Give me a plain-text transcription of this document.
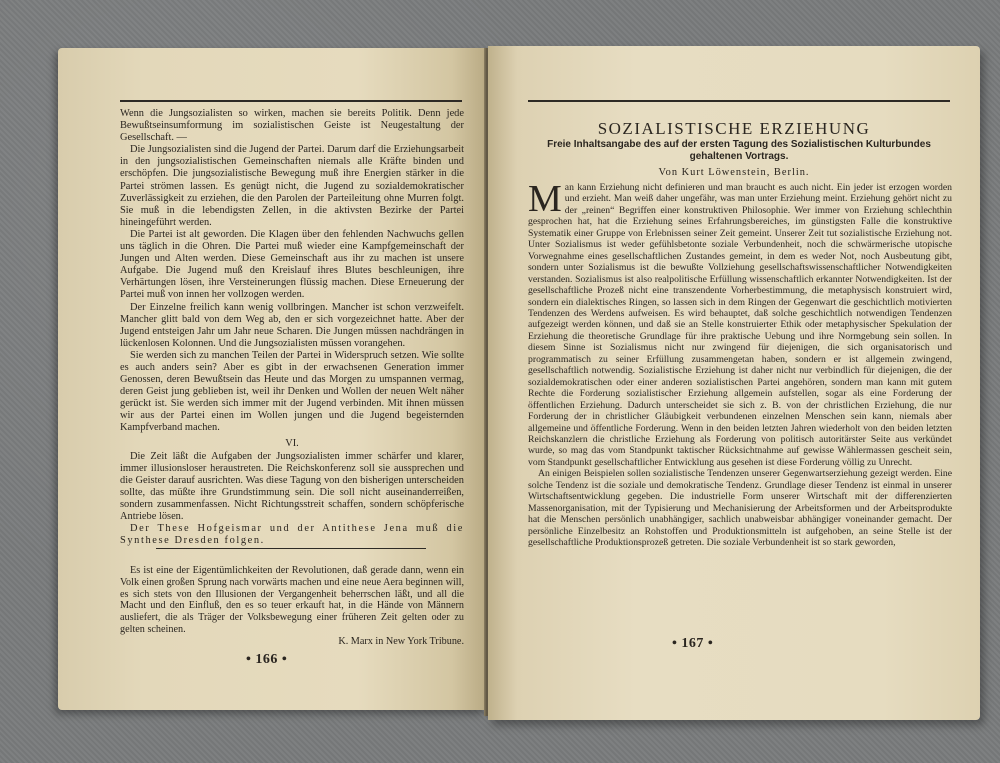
Wenn die Jungsozialisten so wirken, machen sie bereits Politik. Denn jede Bewußtseinsumformung im sozialistischen Geiste ist Neugestaltung der Gesellschaft. —

Die Jungsozialisten sind die Jugend der Partei. Darum darf die Erziehungsarbeit in den jungsozialistischen Gemeinschaften niemals alle Kräfte binden und erschöpfen. Die jungsozialistische Bewegung muß ihre Energien stärker in die Partei strömen lassen. Es genügt nicht, die Jugend zu sozialdemokratischer Zuverlässigkeit zu erziehen, die den Parolen der Parteileitung ohne Murren folgt. Sie muß in die lebendigsten Zellen, in die aktivsten Bezirke der Partei hineingeführt werden.

Die Partei ist alt geworden. Die Klagen über den fehlenden Nachwuchs gellen uns täglich in die Ohren. Die Partei muß wieder eine Kampfgemeinschaft der Jungen und Alten werden. Diese Gemeinschaft aus ihr zu machen ist unsere Aufgabe. Die Jugend muß den Kreislauf ihres Blutes beschleunigen, ihre Verhärtungen lösen, ihre Versteinerungen flüssig machen. Diese Erneuerung der Partei muß von innen her vollzogen werden.

Der Einzelne freilich kann wenig vollbringen. Mancher ist schon verzweifelt. Mancher glitt bald von dem Weg ab, den er sich vorgezeichnet hatte. Aber der Jugend entsteigen Jahr um Jahr neue Scharen. Die Jungen müssen nachdrängen in lückenlosen Kolonnen. Und die Jungsozialisten müssen vorangehen.

Sie werden sich zu manchen Teilen der Partei in Widerspruch setzen. Wie sollte es auch anders sein? Aber es gibt in der erwachsenen Generation immer Genossen, deren Bewußtsein das Heute und das Morgen zu umspannen vermag, deren Geist jung geblieben ist, weil ihr Denken und Wollen der neuen Welt näher gerückt ist. Sie werden sich immer mit der Jugend verbinden. Mit ihnen müssen wir aus der Partei einen im Wollen jungen und die Jugend begeisternden Kampfverband machen.

VI.

Die Zeit läßt die Aufgaben der Jungsozialisten immer schärfer und klarer, immer illusionsloser heraustreten. Die Reichskonferenz soll sie aussprechen und die Geister darauf ausrichten. Was diese Tagung von den bisherigen unterscheiden sollte, das müßte ihre Grundstimmung sein. Die soll nicht auseinanderreißen, sondern zusammenfassen. Nicht Richtungsstreit schaffen, sondern schöpferische Antriebe lösen.

Der These Hofgeismar und der Antithese Jena muß die Synthese Dresden folgen.

Es ist eine der Eigentümlichkeiten der Revolutionen, daß gerade dann, wenn ein Volk einen großen Sprung nach vorwärts machen und eine neue Aera beginnen will, es sich stets von den Illusionen der Vergangenheit beherrschen läßt, und all die Macht und den Einfluß, den es so teuer erkauft hat, in die Hände von Männern ausliefert, die als Träger der Volksbewegung einer früheren Zeit gelten oder zu gelten scheinen.

K. Marx in New York Tribune.
• 166 •
SOZIALISTISCHE ERZIEHUNG
Freie Inhaltsangabe des auf der ersten Tagung des Sozialistischen Kulturbundes gehaltenen Vortrags.
Von Kurt Löwenstein, Berlin.

Man kann Erziehung nicht definieren und man braucht es auch nicht. Ein jeder ist erzogen worden und erzieht. Man weiß daher ungefähr, was man unter Erziehung meint. Erziehung gehört nicht zu der „reinen“ Begriffen einer konstruktiven Philosophie. Wer immer von Erziehung schlechthin gesprochen hat, hat die Erziehung seines Erfahrungsbereiches, im günstigsten Falle die konstruktive Systematik einer Gruppe von Erlebnissen seiner Zeit gemeint. Unserer Zeit tut sozialistische Erziehung not. Unter Sozialismus ist weder gefühlsbetonte soziale Verbundenheit, noch die schwärmerische utopische Vorwegnahme eines gesellschaftlichen Zustandes gemeint, in dem es weder Not, noch Ausbeutung gibt, sondern unter Sozialismus ist die bewußte Vollziehung gesellschaftswissenschaftlicher Notwendigkeiten verstanden. Sozialismus ist also realpolitische Erfüllung wissenschaftlich erkannter Notwendigkeiten. Ist der gesellschaftliche Prozeß nicht eine transzendente Vorherbestimmung, die metaphysisch konstruiert wird, sondern ein dialektisches Ringen, so lassen sich in dem Ringen der Gegenwart die geschichtlich motivierten Tendenzen des Werdens aufweisen. Es wird behauptet, daß solche geschichtlich notwendigen Tendenzen aufgezeigt werden können, und daß sie an Stelle konstruierter Ethik oder metaphysischer Spekulation der Erziehung die theoretische Grundlage für ihre praktische Uebung und ihre Normgebung sein sollen. In diesem Sinne ist Sozialismus nicht nur zwingend für diejenigen, die sich organisatorisch und programmatisch zu seiner Erfüllung zusammengetan haben, sondern er ist allgemein zwingend, gesellschaftlich notwendig. Sozialistische Erziehung ist daher nicht nur verbindlich für diejenigen, die der sozialdemokratischen oder einer anderen sozialistischen Partei angehören, sondern man kann mit gutem Rechte die Forderung sozialistischer Erziehung allgemein aufstellen, sogar als eine Forderung der öffentlichen Erziehung. Dadurch unterscheidet sie sich z. B. von der christlichen Erziehung, die nur Forderung der in christlicher Gläubigkeit verbundenen einzelnen Menschen sein kann, niemals aber allgemeine und öffentliche Forderung. Wenn in den beiden letzten Jahren wiederholt von den beiden letzten Reichskanzlern die christliche Erziehung als Forderung von politisch autoritärster Seite aus verkündet wurde, so mag das vom Standpunkt taktischer Rücksichtnahme auf gewisse Wählermassen gescheit sein, vom Standpunkt gesellschaftlicher Entwicklung aus gesehen ist diese Forderung völlig zu Unrecht.

An einigen Beispielen sollen sozialistische Tendenzen unserer Gegenwartserziehung gezeigt werden. Eine solche Tendenz ist die soziale und demokratische Tendenz. Grundlage dieser Tendenz ist einmal in unserer Wirtschaftsentwicklung gegeben. Die industrielle Form unserer Wirtschaft mit der differenzierten Massenorganisation, mit der Typisierung und Mechanisierung der Arbeitsformen und der Arbeitsprodukte hat die Menschen persönlich unabhängiger, sachlich unabweisbar abhängiger voneinander gemacht. Der persönliche Einzelbesitz an Rohstoffen und Produktionsmitteln ist aufgehoben, an seine Stelle ist der gesellschaftliche Produktionsprozeß getreten. Die soziale Verbundenheit ist so stark geworden,

• 167 •
